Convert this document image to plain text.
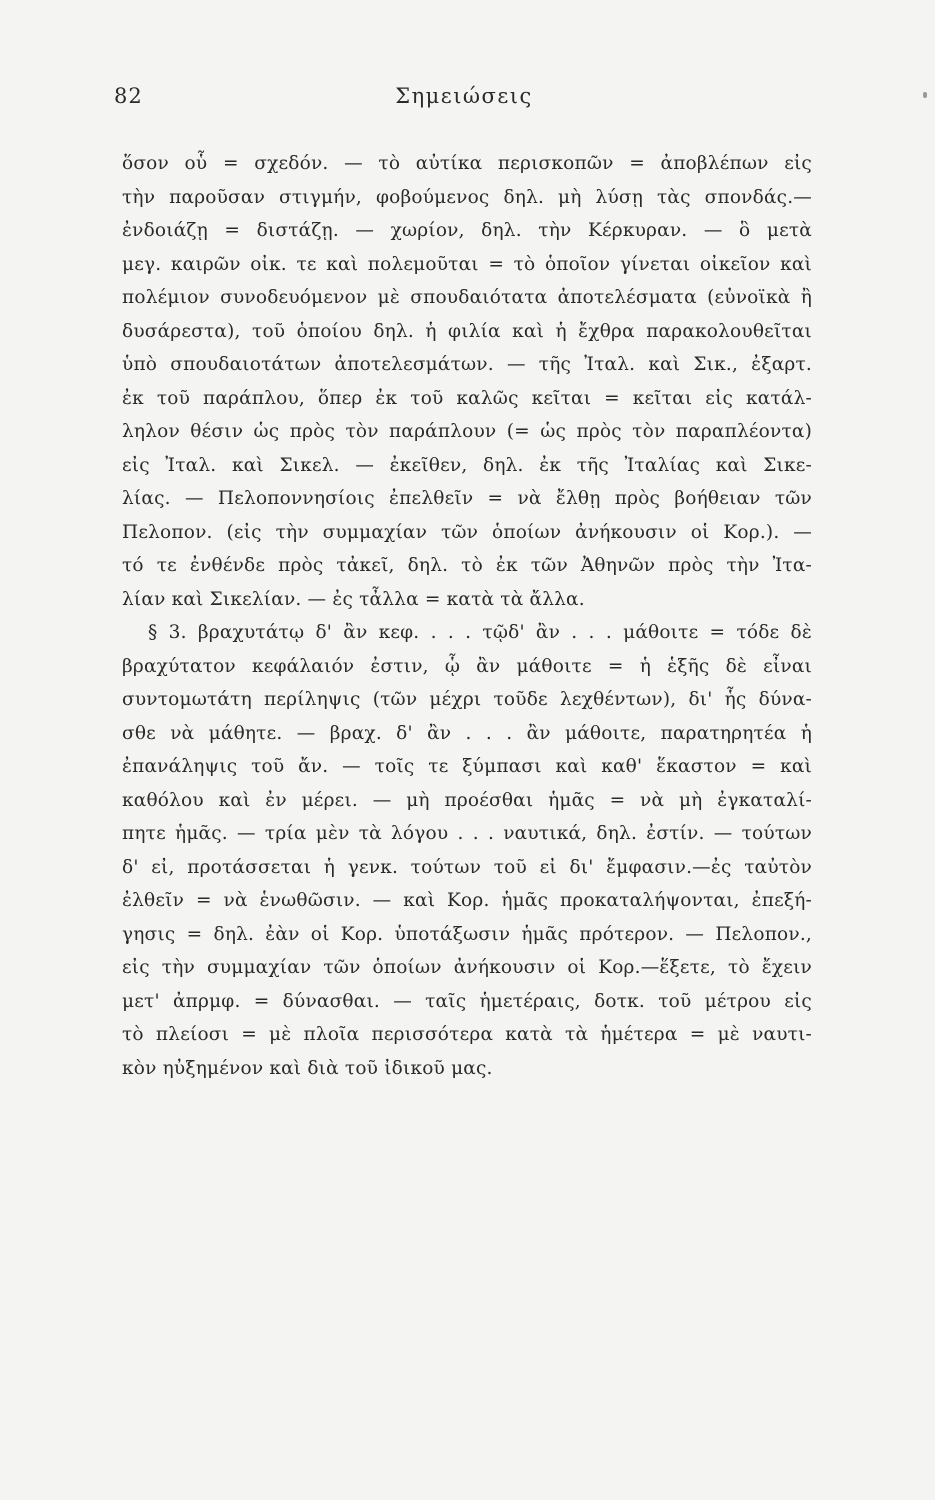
82	Σημειώσεις
ὅσον οὗ = σχεδόν. — τὸ αὐτίκα περισκοπῶν = ἀποβλέπων εἰς
τὴν παροῦσαν στιγμήν, φοβούμενος δηλ. μὴ λύσῃ τὰς σπονδάς.—
ἐνδοιάζῃ = διστάζῃ. — χωρίον, δηλ. τὴν Κέρκυραν. — ὃ μετὰ
μεγ. καιρῶν οἰκ. τε καὶ πολεμοῦται = τὸ ὁποῖον γίνεται οἰκεῖον καὶ
πολέμιον συνοδευόμενον μὲ σπουδαιότατα ἀποτελέσματα (εὐνοϊκὰ ἢ
δυσάρεστα), τοῦ ὁποίου δηλ. ἡ φιλία καὶ ἡ ἔχθρα παρακολουθεῖται
ὑπὸ σπουδαιοτάτων ἀποτελεσμάτων. — τῆς Ἰταλ. καὶ Σικ., ἐξαρτ.
ἐκ τοῦ παράπλου, ὅπερ ἐκ τοῦ καλῶς κεῖται = κεῖται εἰς κατάλ-
ληλον θέσιν ὡς πρὸς τὸν παράπλουν (= ὡς πρὸς τὸν παραπλέοντα)
εἰς Ἰταλ. καὶ Σικελ. — ἐκεῖθεν, δηλ. ἐκ τῆς Ἰταλίας καὶ Σικε-
λίας. — Πελοποννησίοις ἐπελθεῖν = νὰ ἔλθῃ πρὸς βοήθειαν τῶν
Πελοπον. (εἰς τὴν συμμαχίαν τῶν ὁποίων ἀνήκουσιν οἱ Κορ.). —
τό τε ἐνθένδε πρὸς τἀκεῖ, δηλ. τὸ ἐκ τῶν Ἀθηνῶν πρὸς τὴν Ἰτα-
λίαν καὶ Σικελίαν. — ἐς τἆλλα = κατὰ τὰ ἄλλα.
§ 3. βραχυτάτῳ δ' ἂν κεφ. . . . τῷδ' ἂν . . . μάθοιτε = τόδε δὲ
βραχύτατον κεφάλαιόν ἐστιν, ᾧ ἂν μάθοιτε = ἡ ἑξῆς δὲ εἶναι
συντομωτάτη περίληψις (τῶν μέχρι τοῦδε λεχθέντων), δι' ἧς δύνα-
σθε νὰ μάθητε. — βραχ. δ' ἂν . . . ἂν μάθοιτε, παρατηρητέα ἡ
ἐπανάληψις τοῦ ἄν. — τοῖς τε ξύμπασι καὶ καθ' ἕκαστον = καὶ
καθόλου καὶ ἐν μέρει. — μὴ προέσθαι ἡμᾶς = νὰ μὴ ἐγκαταλί-
πητε ἡμᾶς. — τρία μὲν τὰ λόγου . . . ναυτικά, δηλ. ἐστίν. — τούτων
δ' εἰ, προτάσσεται ἡ γενκ. τούτων τοῦ εἰ δι' ἔμφασιν.—ἐς ταὐτὸν
ἐλθεῖν = νὰ ἑνωθῶσιν. — καὶ Κορ. ἡμᾶς προκαταλήψονται, ἐπεξή-
γησις = δηλ. ἐὰν οἱ Κορ. ὑποτάξωσιν ἡμᾶς πρότερον. — Πελοπον.,
εἰς τὴν συμμαχίαν τῶν ὁποίων ἀνήκουσιν οἱ Κορ.—ἕξετε, τὸ ἔχειν
μετ' ἀπρμφ. = δύνασθαι. — ταῖς ἡμετέραις, δοτκ. τοῦ μέτρου εἰς
τὸ πλείοσι = μὲ πλοῖα περισσότερα κατὰ τὰ ἡμέτερα = μὲ ναυτι-
κὸν ηὐξημένον καὶ διὰ τοῦ ἰδικοῦ μας.
